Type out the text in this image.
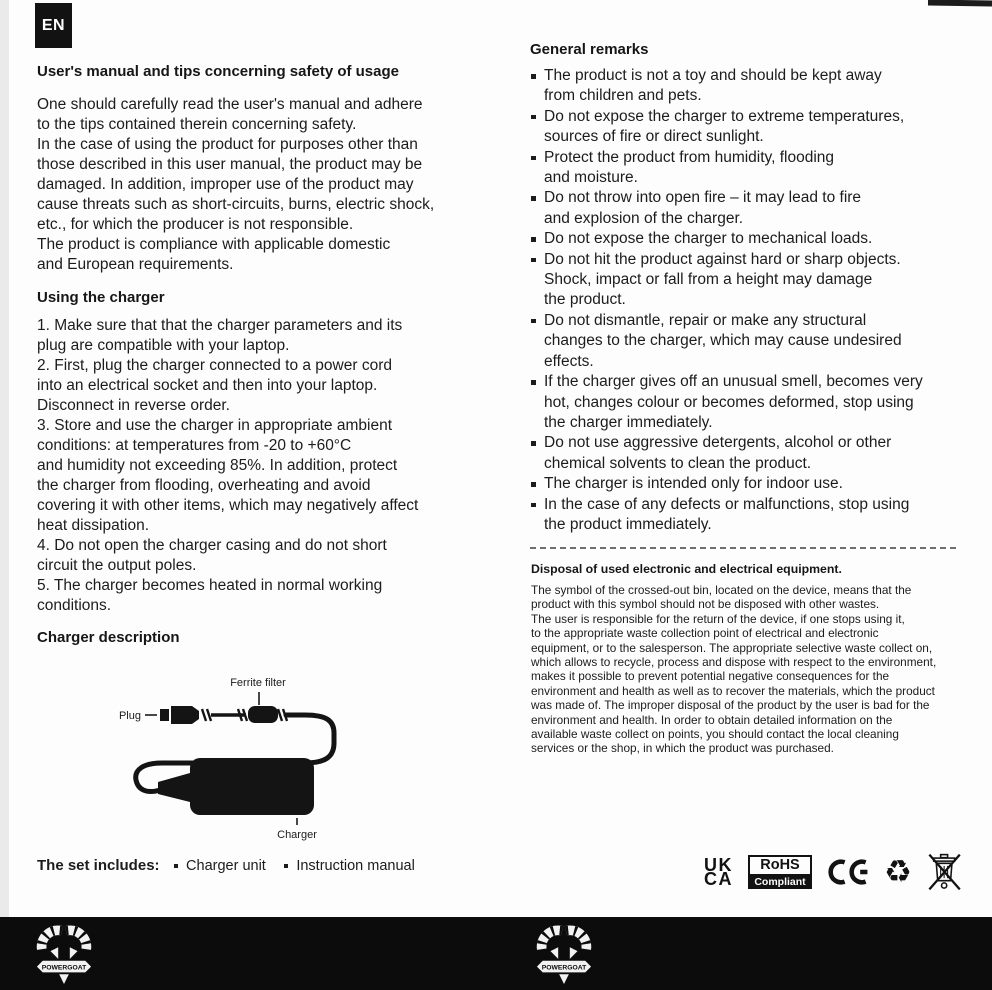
EN
User's manual and tips concerning safety of usage

One should carefully read the user's manual and adhere
to the tips contained therein concerning safety.
In the case of using the product for purposes other than
those described in this user manual, the product may be
damaged. In addition, improper use of the product may
cause threats such as short-circuits, burns, electric shock,
etc., for which the producer is not responsible.
The product is compliance with applicable domestic
and European requirements.

Using the charger

1. Make sure that that the charger parameters and its
plug are compatible with your laptop.
2. First, plug the charger connected to a power cord
into an electrical socket and then into your laptop.
Disconnect in reverse order.
3. Store and use the charger in appropriate ambient
conditions: at temperatures from -20 to +60°C
and humidity not exceeding 85%. In addition, protect
the charger from flooding, overheating and avoid
covering it with other items, which may negatively affect
heat dissipation.
4. Do not open the charger casing and do not short
circuit the output poles.
5. The charger becomes heated in normal working
conditions.

Charger description
Ferrite filter
Plug
Charger
The set includes:	Charger unit	Instruction manual
General remarks
The product is not a toy and should be kept away
from children and pets.
Do not expose the charger to extreme temperatures,
sources of fire or direct sunlight.
Protect the product from humidity, flooding
and moisture.
Do not throw into open fire – it may lead to fire
and explosion of the charger.
Do not expose the charger to mechanical loads.
Do not hit the product against hard or sharp objects.
Shock, impact or fall from a height may damage
the product.
Do not dismantle, repair or make any structural
changes to the charger, which may cause undesired
effects.
If the charger gives off an unusual smell, becomes very
hot, changes colour or becomes deformed, stop using
the charger immediately.
Do not use aggressive detergents, alcohol or other
chemical solvents to clean the product.
The charger is intended only for indoor use.
In the case of any defects or malfunctions, stop using
the product immediately.
Disposal of used electronic and electrical equipment.

The symbol of the crossed-out bin, located on the device, means that the
product with this symbol should not be disposed with other wastes.
The user is responsible for the return of the device, if one stops using it,
to the appropriate waste collection point of electrical and electronic
equipment, or to the salesperson. The appropriate selective waste collect on,
which allows to recycle, process and dispose with respect to the environment,
makes it possible to prevent potential negative consequences for the
environment and health as well as to recover the materials, which the product
was made of. The improper disposal of the product by the user is bad for the
environment and health. In order to obtain detailed information on the
available waste collect on points, you should contact the local cleaning
services or the shop, in which the product was purchased.

UK
CA
RoHS
Compliant	♻
POWERGOAT	POWERGOAT
